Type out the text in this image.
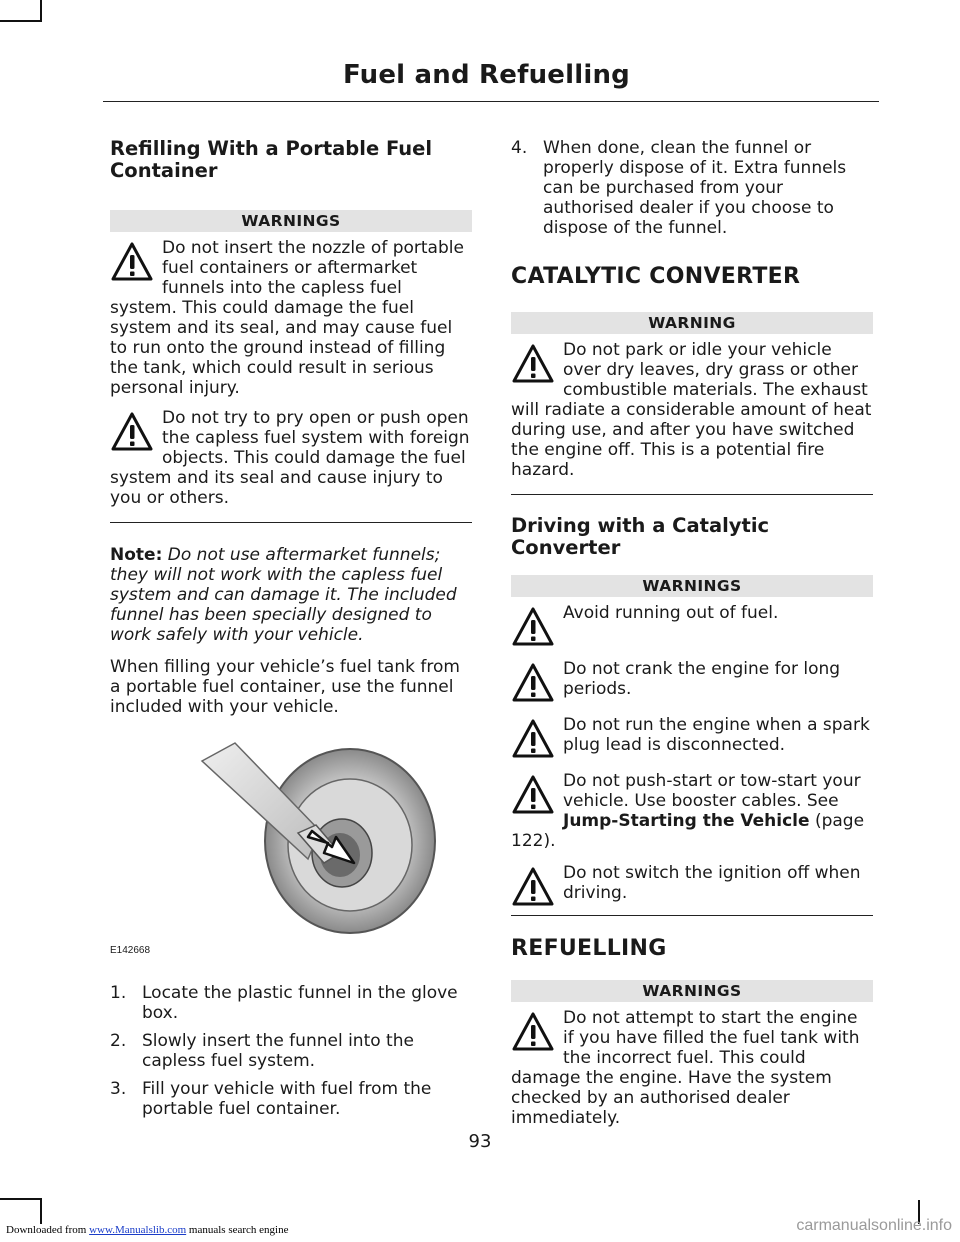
Fuel and Refuelling
Refilling With a Portable Fuel Container
WARNINGS

Do not insert the nozzle of portable fuel containers or aftermarket funnels into the capless fuel system. This could damage the fuel system and its seal, and may cause fuel to run onto the ground instead of filling the tank, which could result in serious personal injury.

Do not try to pry open or push open the capless fuel system with foreign objects. This could damage the fuel system and its seal and cause injury to you or others.

Note: Do not use aftermarket funnels; they will not work with the capless fuel system and can damage it. The included funnel has been specially designed to work safely with your vehicle.

When filling your vehicle’s fuel tank from a portable fuel container, use the funnel included with your vehicle.

E142668
1. Locate the plastic funnel in the glove box.
2. Slowly insert the funnel into the capless fuel system.
3. Fill your vehicle with fuel from the portable fuel container.
4. When done, clean the funnel or properly dispose of it. Extra funnels can be purchased from your authorised dealer if you choose to dispose of the funnel.
CATALYTIC CONVERTER
WARNING

Do not park or idle your vehicle over dry leaves, dry grass or other combustible materials. The exhaust will radiate a considerable amount of heat during use, and after you have switched the engine off. This is a potential fire hazard.

Driving with a Catalytic Converter
WARNINGS

Avoid running out of fuel.

Do not crank the engine for long periods.

Do not run the engine when a spark plug lead is disconnected.

Do not push-start or tow-start your vehicle. Use booster cables. See Jump-Starting the Vehicle (page 122).

Do not switch the ignition off when driving.

REFUELLING
WARNINGS

Do not attempt to start the engine if you have filled the fuel tank with the incorrect fuel. This could damage the engine. Have the system checked by an authorised dealer immediately.

93
Downloaded from www.Manualslib.com manuals search engine	carmanualsonline.info
